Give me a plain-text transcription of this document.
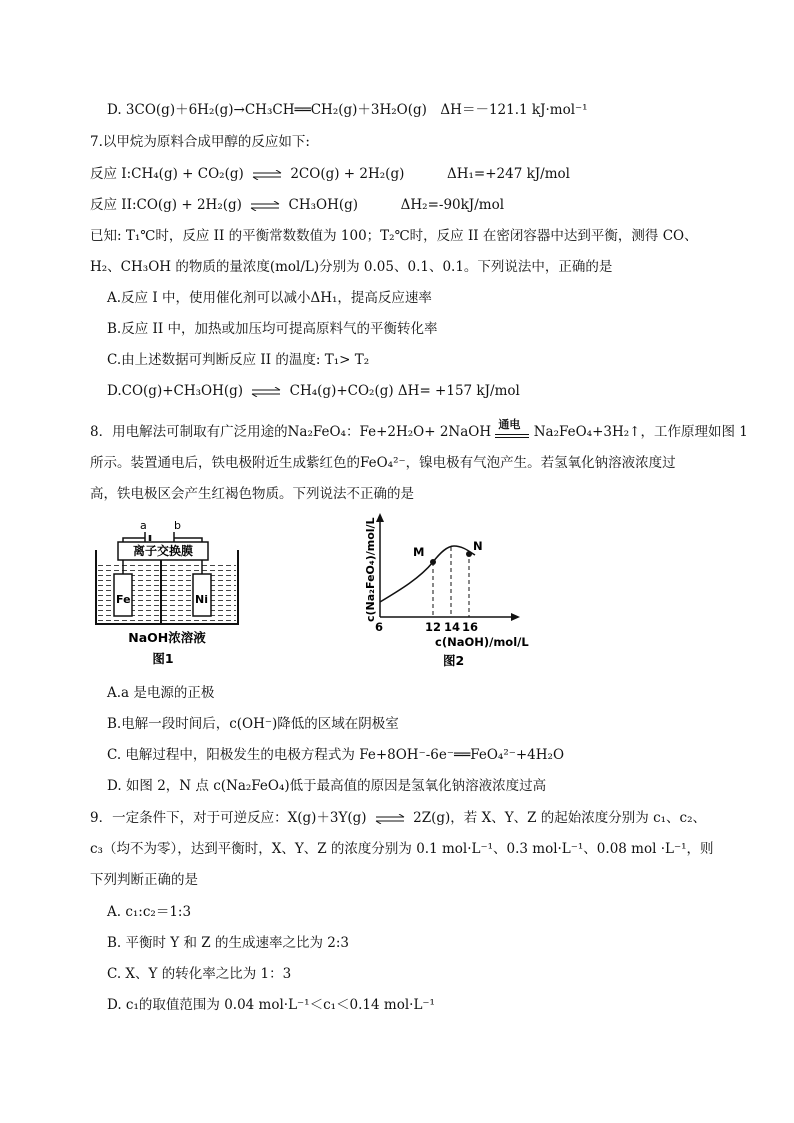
D. 3CO(g)＋6H₂(g)→CH₃CH══CH₂(g)＋3H₂O(g)　ΔH＝－121.1 kJ·mol⁻¹
7.以甲烷为原料合成甲醇的反应如下:
反应 I:CH₄(g) + CO₂(g) ⇌ 2CO(g) + 2H₂(g)	ΔH₁=+247 kJ/mol
反应 II:CO(g) + 2H₂(g) ⇌ CH₃OH(g)	ΔH₂=-90kJ/mol
已知: T₁℃时，反应 II 的平衡常数数值为 100；T₂℃时，反应 II 在密闭容器中达到平衡，测得 CO、
H₂、CH₃OH 的物质的量浓度(mol/L)分别为 0.05、0.1、0.1。下列说法中，正确的是
A.反应 I 中，使用催化剂可以减小ΔH₁，提高反应速率
B.反应 II 中，加热或加压均可提高原料气的平衡转化率
C.由上述数据可判断反应 II 的温度: T₁> T₂
D.CO(g)+CH₃OH(g) ⇌ CH₄(g)+CO₂(g) ΔH= +157 kJ/mol
8．用电解法可制取有广泛用途的Na₂FeO₄：Fe+2H₂O+ 2NaOH 通电 Na₂FeO₄+3H₂↑，工作原理如图 1
所示。装置通电后，铁电极附近生成紫红色的FeO₄²⁻，镍电极有气泡产生。若氢氧化钠溶液浓度过
高，铁电极区会产生红褐色物质。下列说法不正确的是
a b
离子交换膜
Fe	Ni
NaOH浓溶液
图1
c(Na₂FeO₄)/mol/L	M	N
6	12 14 16
c(NaOH)/mol/L
图2
A.a 是电源的正极
B.电解一段时间后，c(OH⁻)降低的区域在阴极室
C. 电解过程中，阳极发生的电极方程式为 Fe+8OH⁻-6e⁻══FeO₄²⁻+4H₂O
D. 如图 2，N 点 c(Na₂FeO₄)低于最高值的原因是氢氧化钠溶液浓度过高
9．一定条件下，对于可逆反应：X(g)＋3Y(g) ⇌ 2Z(g)，若 X、Y、Z 的起始浓度分别为 c₁、c₂、
c₃（均不为零），达到平衡时，X、Y、Z 的浓度分别为 0.1 mol·L⁻¹、0.3 mol·L⁻¹、0.08 mol ·L⁻¹，则
下列判断正确的是
A. c₁:c₂＝1:3
B. 平衡时 Y 和 Z 的生成速率之比为 2:3
C. X、Y 的转化率之比为 1：3
D. c₁的取值范围为 0.04 mol·L⁻¹＜c₁＜0.14 mol·L⁻¹
